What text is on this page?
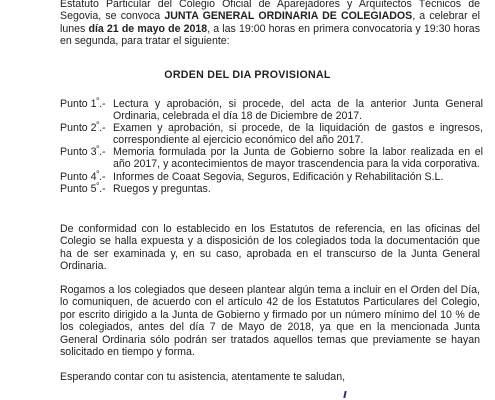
Estatuto Particular del Colegio Oficial de Aparejadores y Arquitectos Técnicos de Segovia, se convoca JUNTA GENERAL ORDINARIA DE COLEGIADOS, a celebrar el lunes día 21 de mayo de 2018, a las 19:00 horas en primera convocatoria y 19:30 horas en segunda, para tratar el siguiente:

ORDEN DEL DIA PROVISIONAL

Punto $1^º.-$ Lectura y aprobación, si procede, del acta de la anterior Junta General Ordinaria, celebrada el día 18 de Diciembre de 2017.
Punto $2^º.-$ Examen y aprobación, si procede, de la liquidación de gastos e ingresos, correspondiente al ejercicio económico del año 2017.
Punto $3^º.-$ Memoria formulada por la Junta de Gobierno sobre la labor realizada en el año 2017, y acontecimientos de mayor trascendencia para la vida corporativa.
Punto $4^º.-$ Informes de Coaat Segovia, Seguros, Edificación y Rehabilitación S.L.
Punto $5^º.-$ Ruegos y preguntas.

De conformidad con lo establecido en los Estatutos de referencia, en las oficinas del Colegio se halla expuesta y a disposición de los colegiados toda la documentación que ha de ser examinada y, en su caso, aprobada en el transcurso de la Junta General Ordinaria.

Rogamos a los colegiados que deseen plantear algún tema a incluir en el Orden del Día, lo comuniquen, de acuerdo con el artículo 42 de los Estatutos Particulares del Colegio, por escrito dirigido a la Junta de Gobierno y firmado por un número mínimo del 10 % de los colegiados, antes del día 7 de Mayo de 2018, ya que en la mencionada Junta General Ordinaria sólo podrán ser tratados aquellos temas que previamente se hayan solicitado en tiempo y forma.

Esperando contar con tu asistencia, atentamente te saludan,
